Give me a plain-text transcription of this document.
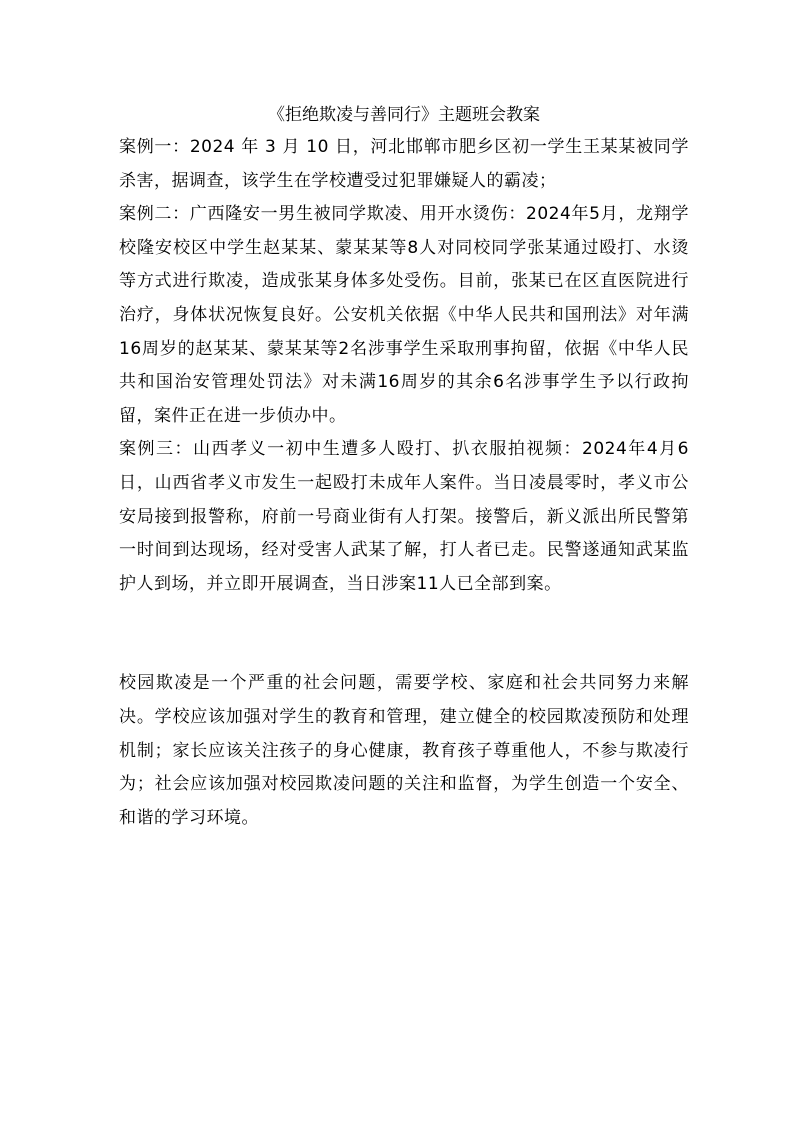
《拒绝欺凌与善同行》主题班会教案

案例一：2024 年 3 月 10 日，河北邯郸市肥乡区初一学生王某某被同学杀害，据调查，该学生在学校遭受过犯罪嫌疑人的霸凌；

案例二：广西隆安一男生被同学欺凌、用开水烫伤：2024年5月，龙翔学校隆安校区中学生赵某某、蒙某某等8人对同校同学张某通过殴打、水烫等方式进行欺凌，造成张某身体多处受伤。目前，张某已在区直医院进行治疗，身体状况恢复良好。公安机关依据《中华人民共和国刑法》对年满16周岁的赵某某、蒙某某等2名涉事学生采取刑事拘留，依据《中华人民共和国治安管理处罚法》对未满16周岁的其余6名涉事学生予以行政拘留，案件正在进一步侦办中。

案例三：山西孝义一初中生遭多人殴打、扒衣服拍视频：2024年4月6日，山西省孝义市发生一起殴打未成年人案件。当日凌晨零时，孝义市公安局接到报警称，府前一号商业街有人打架。接警后，新义派出所民警第一时间到达现场，经对受害人武某了解，打人者已走。民警遂通知武某监护人到场，并立即开展调查，当日涉案11人已全部到案。

校园欺凌是一个严重的社会问题，需要学校、家庭和社会共同努力来解决。学校应该加强对学生的教育和管理，建立健全的校园欺凌预防和处理机制；家长应该关注孩子的身心健康，教育孩子尊重他人，不参与欺凌行为；社会应该加强对校园欺凌问题的关注和监督，为学生创造一个安全、和谐的学习环境。
